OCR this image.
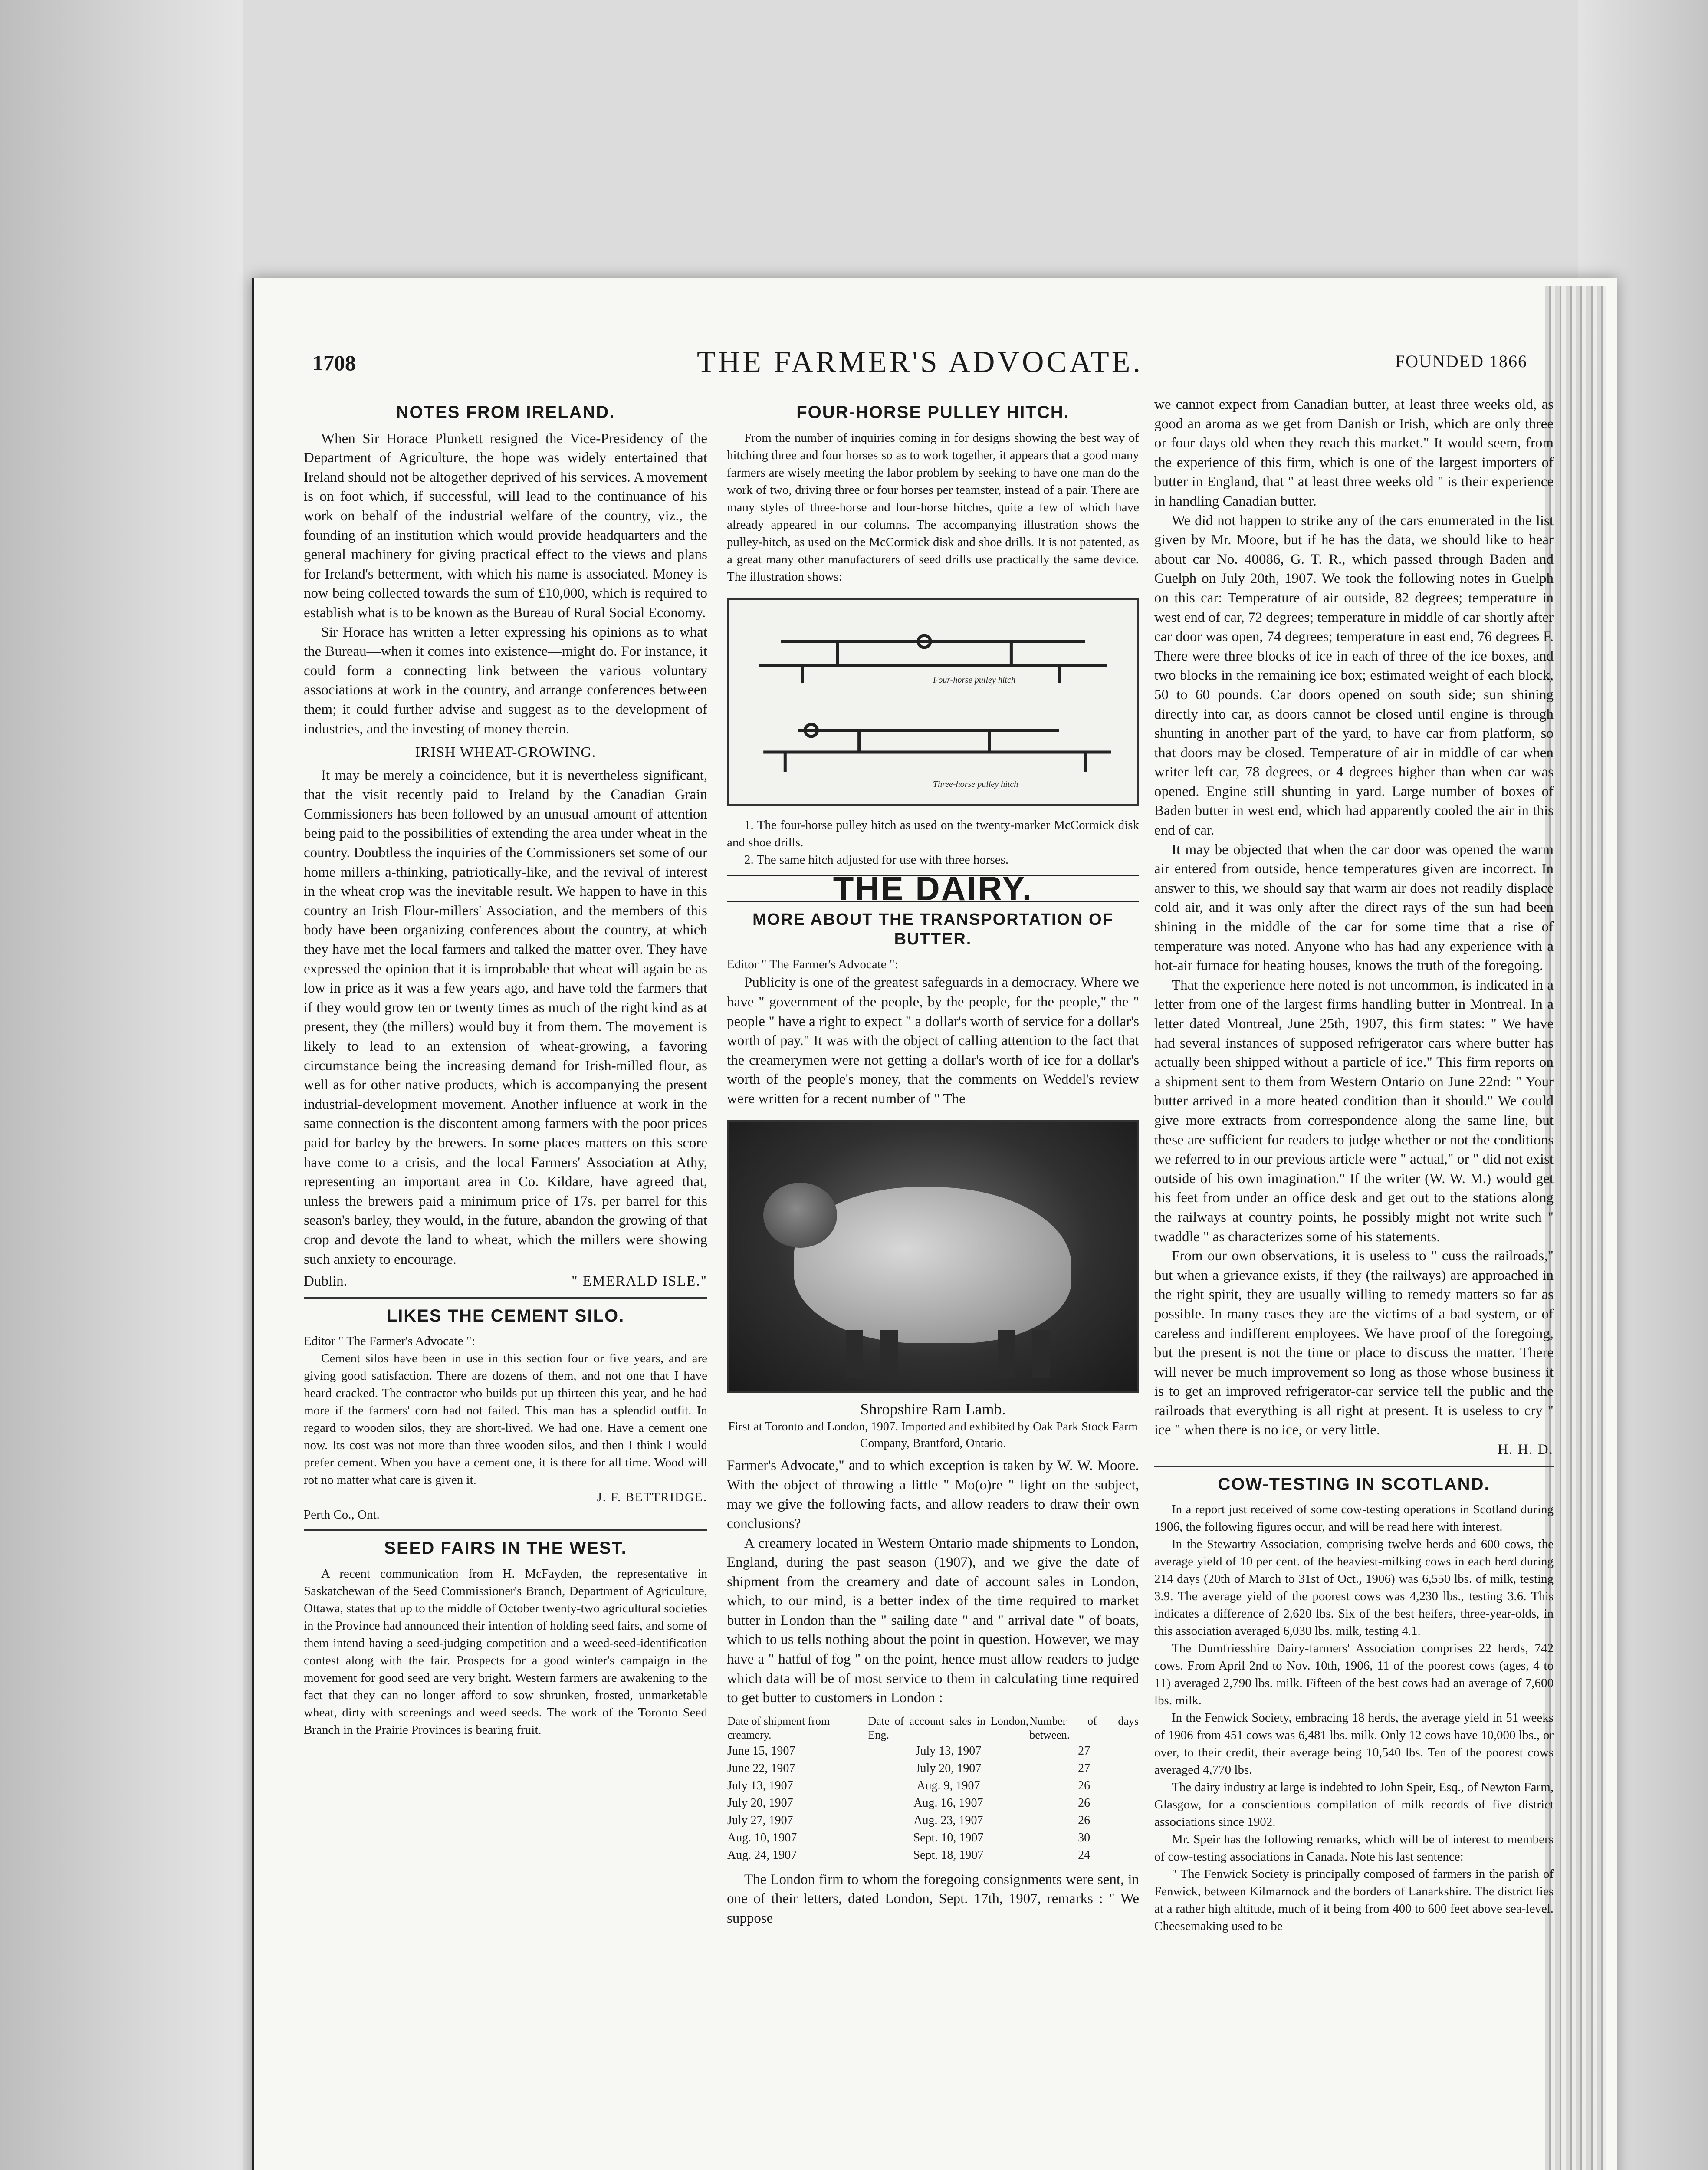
1708	THE FARMER'S ADVOCATE.	FOUNDED 1866
NOTES FROM IRELAND.

When Sir Horace Plunkett resigned the Vice-Presidency of the Department of Agriculture, the hope was widely entertained that Ireland should not be altogether deprived of his services. A movement is on foot which, if successful, will lead to the continuance of his work on behalf of the industrial welfare of the country, viz., the founding of an institution which would provide headquarters and the general machinery for giving practical effect to the views and plans for Ireland's betterment, with which his name is associated. Money is now being collected towards the sum of £10,000, which is required to establish what is to be known as the Bureau of Rural Social Economy.

Sir Horace has written a letter expressing his opinions as to what the Bureau—when it comes into existence—might do. For instance, it could form a connecting link between the various voluntary associations at work in the country, and arrange conferences between them; it could further advise and suggest as to the development of industries, and the investing of money therein.

IRISH WHEAT-GROWING.

It may be merely a coincidence, but it is nevertheless significant, that the visit recently paid to Ireland by the Canadian Grain Commissioners has been followed by an unusual amount of attention being paid to the possibilities of extending the area under wheat in the country. Doubtless the inquiries of the Commissioners set some of our home millers a-thinking, patriotically-like, and the revival of interest in the wheat crop was the inevitable result. We happen to have in this country an Irish Flour-millers' Association, and the members of this body have been organizing conferences about the country, at which they have met the local farmers and talked the matter over. They have expressed the opinion that it is improbable that wheat will again be as low in price as it was a few years ago, and have told the farmers that if they would grow ten or twenty times as much of the right kind as at present, they (the millers) would buy it from them. The movement is likely to lead to an extension of wheat-growing, a favoring circumstance being the increasing demand for Irish-milled flour, as well as for other native products, which is accompanying the present industrial-development movement. Another influence at work in the same connection is the discontent among farmers with the poor prices paid for barley by the brewers. In some places matters on this score have come to a crisis, and the local Farmers' Association at Athy, representing an important area in Co. Kildare, have agreed that, unless the brewers paid a minimum price of 17s. per barrel for this season's barley, they would, in the future, abandon the growing of that crop and devote the land to wheat, which the millers were showing such anxiety to encourage.

Dublin.	" EMERALD ISLE."
LIKES THE CEMENT SILO.

Editor " The Farmer's Advocate ":

Cement silos have been in use in this section four or five years, and are giving good satisfaction. There are dozens of them, and not one that I have heard cracked. The contractor who builds put up thirteen this year, and he had more if the farmers' corn had not failed. This man has a splendid outfit. In regard to wooden silos, they are short-lived. We had one. Have a cement one now. Its cost was not more than three wooden silos, and then I think I would prefer cement. When you have a cement one, it is there for all time. Wood will rot no matter what care is given it.

J. F. BETTRIDGE.
Perth Co., Ont.
SEED FAIRS IN THE WEST.

A recent communication from H. McFayden, the representative in Saskatchewan of the Seed Commissioner's Branch, Department of Agriculture, Ottawa, states that up to the middle of October twenty-two agricultural societies in the Province had announced their intention of holding seed fairs, and some of them intend having a seed-judging competition and a weed-seed-identification contest along with the fair. Prospects for a good winter's campaign in the movement for good seed are very bright. Western farmers are awakening to the fact that they can no longer afford to sow shrunken, frosted, unmarketable wheat, dirty with screenings and weed seeds. The work of the Toronto Seed Branch in the Prairie Provinces is bearing fruit.

FOUR-HORSE PULLEY HITCH.

From the number of inquiries coming in for designs showing the best way of hitching three and four horses so as to work together, it appears that a good many farmers are wisely meeting the labor problem by seeking to have one man do the work of two, driving three or four horses per teamster, instead of a pair. There are many styles of three-horse and four-horse hitches, quite a few of which have already appeared in our columns. The accompanying illustration shows the pulley-hitch, as used on the McCormick disk and shoe drills. It is not patented, as a great many other manufacturers of seed drills use practically the same device. The illustration shows:

Four-horse pulley hitch
Three-horse pulley hitch

1. The four-horse pulley hitch as used on the twenty-marker McCormick disk and shoe drills.

2. The same hitch adjusted for use with three horses.

THE DAIRY.
MORE ABOUT THE TRANSPORTATION OF BUTTER.

Editor " The Farmer's Advocate ":

Publicity is one of the greatest safeguards in a democracy. Where we have " government of the people, by the people, for the people," the " people " have a right to expect " a dollar's worth of service for a dollar's worth of pay." It was with the object of calling attention to the fact that the creamerymen were not getting a dollar's worth of ice for a dollar's worth of the people's money, that the comments on Weddel's review were written for a recent number of " The

Shropshire Ram Lamb.
First at Toronto and London, 1907. Imported and exhibited by Oak Park Stock Farm Company, Brantford, Ontario.

Farmer's Advocate," and to which exception is taken by W. W. Moore. With the object of throwing a little " Mo(o)re " light on the subject, may we give the following facts, and allow readers to draw their own conclusions?

A creamery located in Western Ontario made shipments to London, England, during the past season (1907), and we give the date of shipment from the creamery and date of account sales in London, which, to our mind, is a better index of the time required to market butter in London than the " sailing date " and " arrival date " of boats, which to us tells nothing about the point in question. However, we may have a " hatful of fog " on the point, hence must allow readers to judge which data will be of most service to them in calculating time required to get butter to customers in London :

Date of shipment from creamery.	Date of account sales in London, Eng.	Number of days between.
June 15, 1907	July 13, 1907	27
June 22, 1907	July 20, 1907	27
July 13, 1907	Aug. 9, 1907	26
July 20, 1907	Aug. 16, 1907	26
July 27, 1907	Aug. 23, 1907	26
Aug. 10, 1907	Sept. 10, 1907	30
Aug. 24, 1907	Sept. 18, 1907	24

The London firm to whom the foregoing consignments were sent, in one of their letters, dated London, Sept. 17th, 1907, remarks : " We suppose

we cannot expect from Canadian butter, at least three weeks old, as good an aroma as we get from Danish or Irish, which are only three or four days old when they reach this market." It would seem, from the experience of this firm, which is one of the largest importers of butter in England, that " at least three weeks old " is their experience in handling Canadian butter.

We did not happen to strike any of the cars enumerated in the list given by Mr. Moore, but if he has the data, we should like to hear about car No. 40086, G. T. R., which passed through Baden and Guelph on July 20th, 1907. We took the following notes in Guelph on this car: Temperature of air outside, 82 degrees; temperature in west end of car, 72 degrees; temperature in middle of car shortly after car door was open, 74 degrees; temperature in east end, 76 degrees F. There were three blocks of ice in each of three of the ice boxes, and two blocks in the remaining ice box; estimated weight of each block, 50 to 60 pounds. Car doors opened on south side; sun shining directly into car, as doors cannot be closed until engine is through shunting in another part of the yard, to have car from platform, so that doors may be closed. Temperature of air in middle of car when writer left car, 78 degrees, or 4 degrees higher than when car was opened. Engine still shunting in yard. Large number of boxes of Baden butter in west end, which had apparently cooled the air in this end of car.

It may be objected that when the car door was opened the warm air entered from outside, hence temperatures given are incorrect. In answer to this, we should say that warm air does not readily displace cold air, and it was only after the direct rays of the sun had been shining in the middle of the car for some time that a rise of temperature was noted. Anyone who has had any experience with a hot-air furnace for heating houses, knows the truth of the foregoing.

That the experience here noted is not uncommon, is indicated in a letter from one of the largest firms handling butter in Montreal. In a letter dated Montreal, June 25th, 1907, this firm states: " We have had several instances of supposed refrigerator cars where butter has actually been shipped without a particle of ice." This firm reports on a shipment sent to them from Western Ontario on June 22nd: " Your butter arrived in a more heated condition than it should." We could give more extracts from correspondence along the same line, but these are sufficient for readers to judge whether or not the conditions we referred to in our previous article were " actual," or " did not exist outside of his own imagination." If the writer (W. W. M.) would get his feet from under an office desk and get out to the stations along the railways at country points, he possibly might not write such " twaddle " as characterizes some of his statements.

From our own observations, it is useless to " cuss the railroads," but when a grievance exists, if they (the railways) are approached in the right spirit, they are usually willing to remedy matters so far as possible. In many cases they are the victims of a bad system, or of careless and indifferent employees. We have proof of the foregoing, but the present is not the time or place to discuss the matter. There will never be much improvement so long as those whose business it is to get an improved refrigerator-car service tell the public and the railroads that everything is all right at present. It is useless to cry " ice " when there is no ice, or very little.

H. H. D.
COW-TESTING IN SCOTLAND.

In a report just received of some cow-testing operations in Scotland during 1906, the following figures occur, and will be read here with interest.

In the Stewartry Association, comprising twelve herds and 600 cows, the average yield of 10 per cent. of the heaviest-milking cows in each herd during 214 days (20th of March to 31st of Oct., 1906) was 6,550 lbs. of milk, testing 3.9. The average yield of the poorest cows was 4,230 lbs., testing 3.6. This indicates a difference of 2,620 lbs. Six of the best heifers, three-year-olds, in this association averaged 6,030 lbs. milk, testing 4.1.

The Dumfriesshire Dairy-farmers' Association comprises 22 herds, 742 cows. From April 2nd to Nov. 10th, 1906, 11 of the poorest cows (ages, 4 to 11) averaged 2,790 lbs. milk. Fifteen of the best cows had an average of 7,600 lbs. milk.

In the Fenwick Society, embracing 18 herds, the average yield in 51 weeks of 1906 from 451 cows was 6,481 lbs. milk. Only 12 cows have 10,000 lbs., or over, to their credit, their average being 10,540 lbs. Ten of the poorest cows averaged 4,770 lbs.

The dairy industry at large is indebted to John Speir, Esq., of Newton Farm, Glasgow, for a conscientious compilation of milk records of five district associations since 1902.

Mr. Speir has the following remarks, which will be of interest to members of cow-testing associations in Canada. Note his last sentence:

" The Fenwick Society is principally composed of farmers in the parish of Fenwick, between Kilmarnock and the borders of Lanarkshire. The district lies at a rather high altitude, much of it being from 400 to 600 feet above sea-level. Cheesemaking used to be
